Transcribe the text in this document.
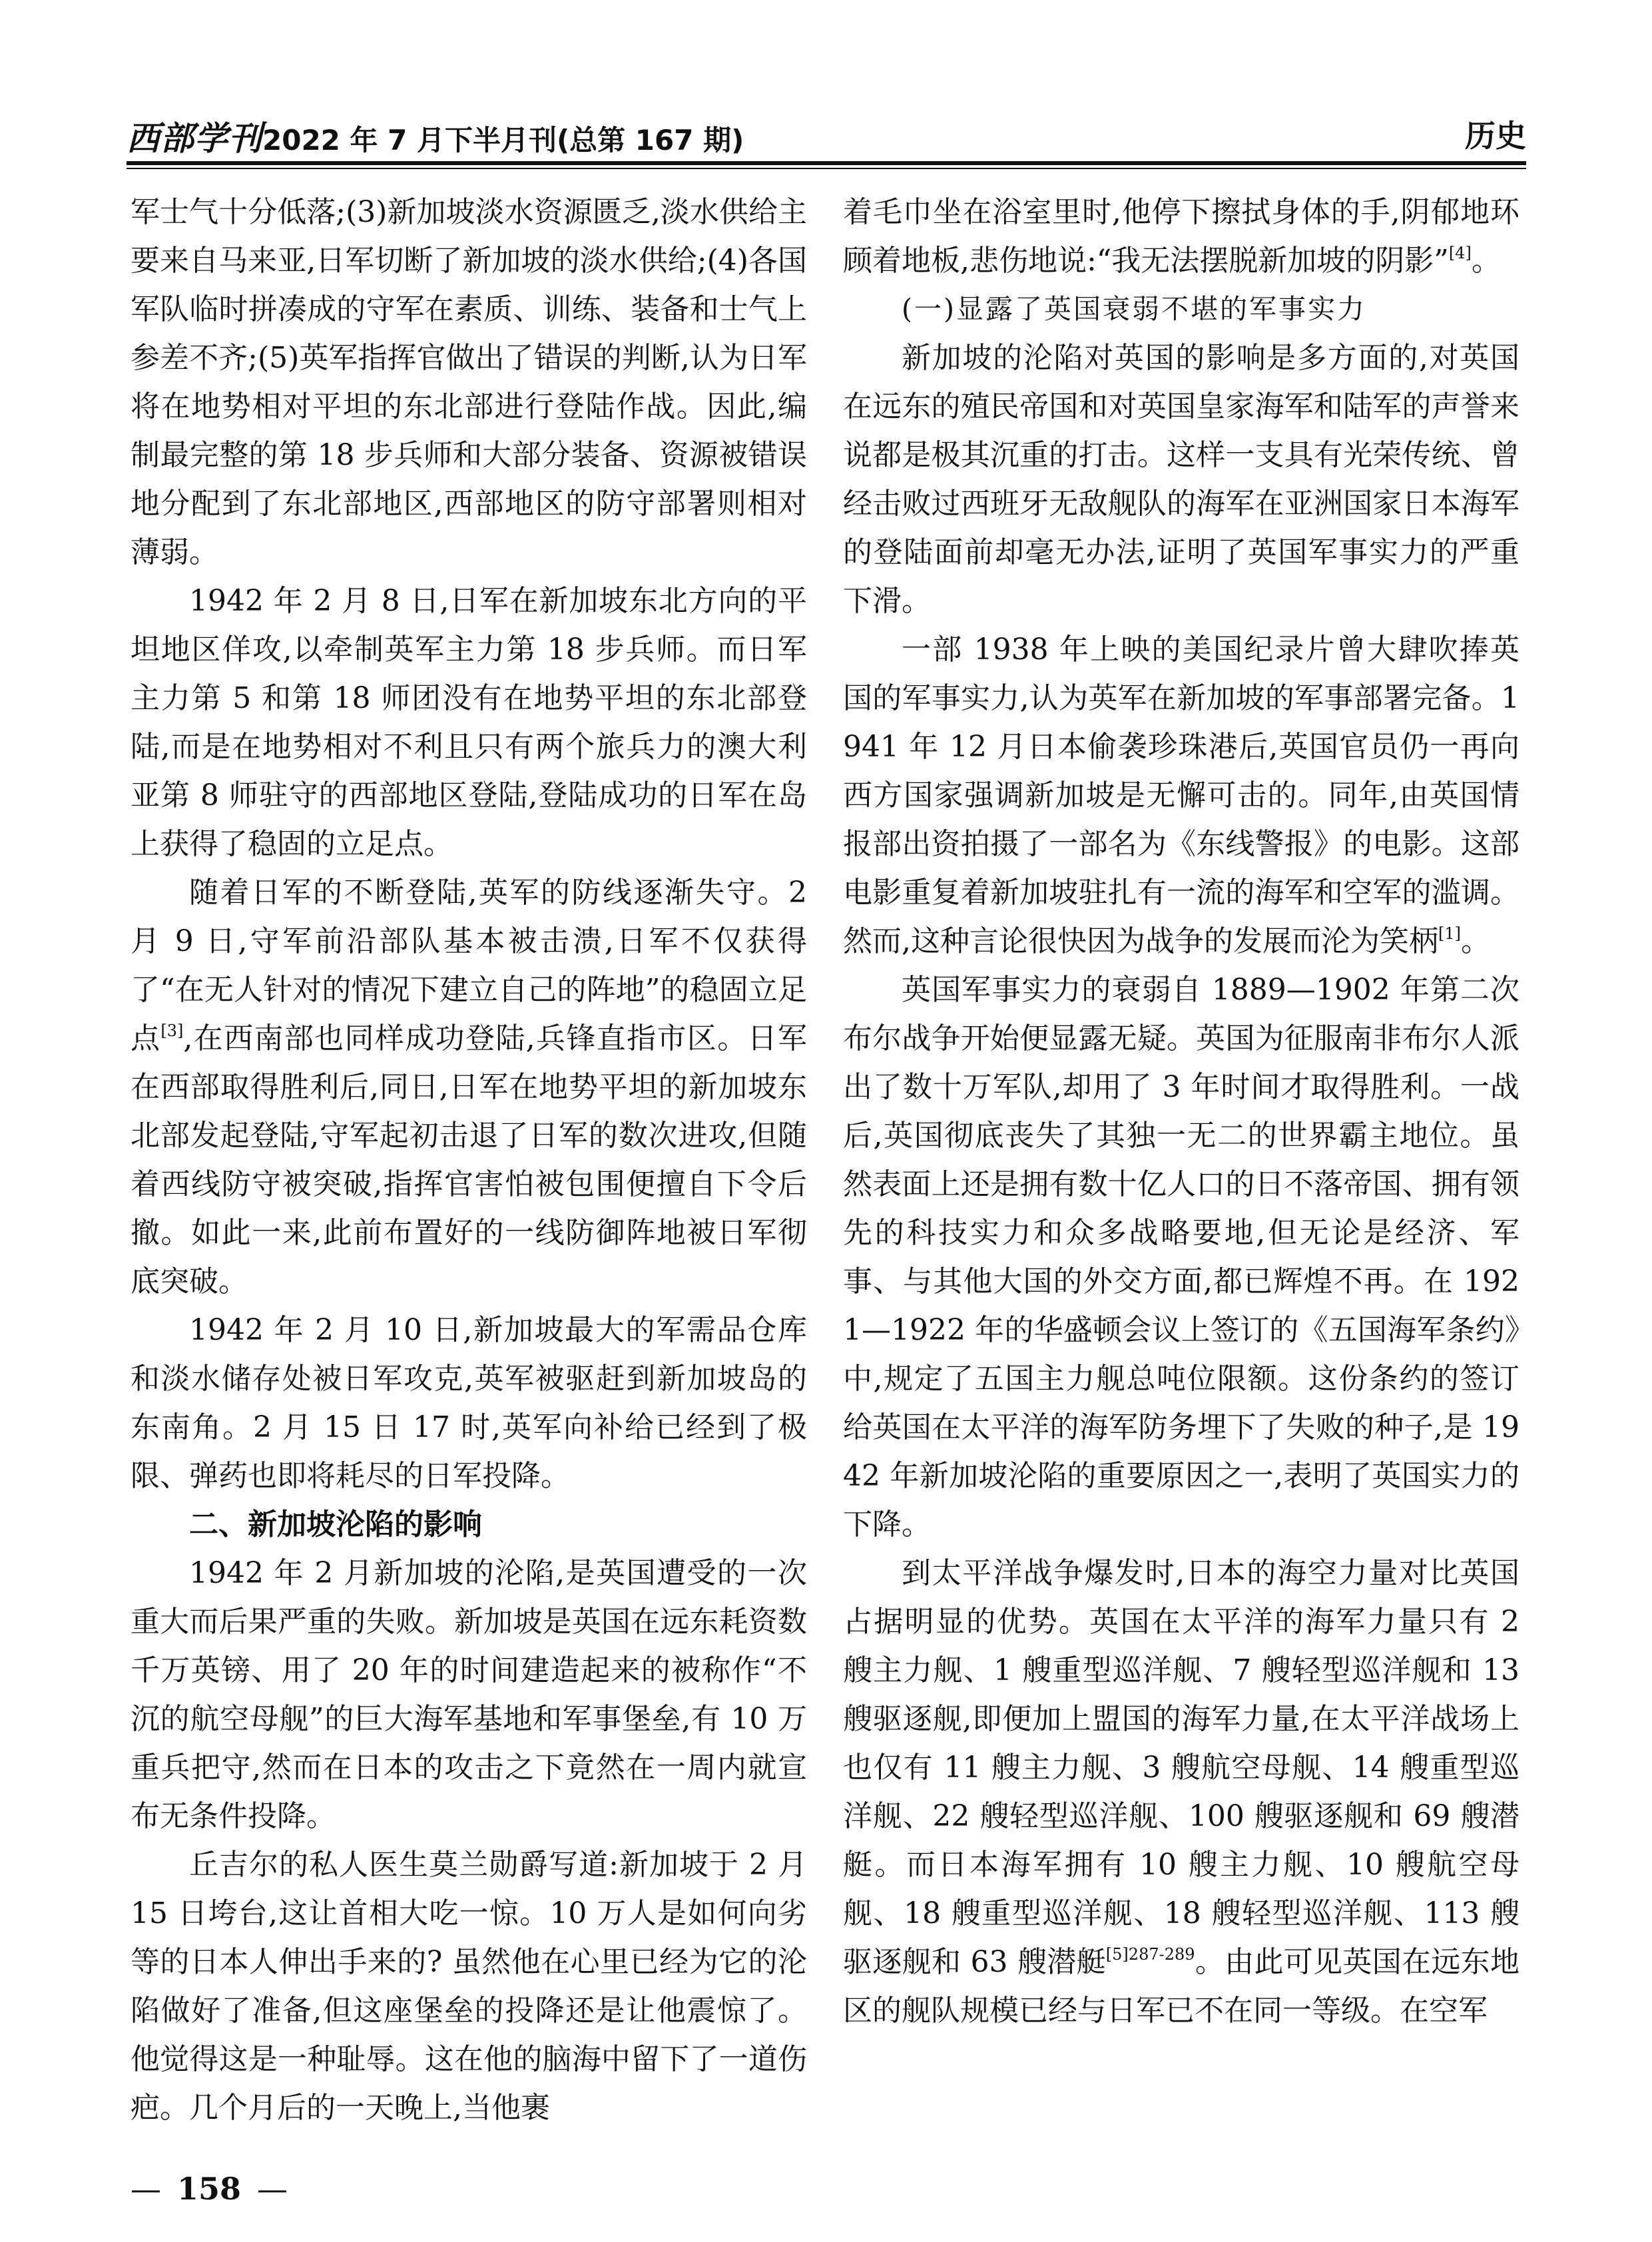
西部学刊2022 年 7 月下半月刊(总第 167 期)	历史

军士气十分低落;(3)新加坡淡水资源匮乏,淡水供给主要来自马来亚,日军切断了新加坡的淡水供给;(4)各国军队临时拼凑成的守军在素质、训练、装备和士气上参差不齐;(5)英军指挥官做出了错误的判断,认为日军将在地势相对平坦的东北部进行登陆作战。因此,编制最完整的第 18 步兵师和大部分装备、资源被错误地分配到了东北部地区,西部地区的防守部署则相对薄弱。

1942 年 2 月 8 日,日军在新加坡东北方向的平坦地区佯攻,以牵制英军主力第 18 步兵师。而日军主力第 5 和第 18 师团没有在地势平坦的东北部登陆,而是在地势相对不利且只有两个旅兵力的澳大利亚第 8 师驻守的西部地区登陆,登陆成功的日军在岛上获得了稳固的立足点。

随着日军的不断登陆,英军的防线逐渐失守。2 月 9 日,守军前沿部队基本被击溃,日军不仅获得了“在无人针对的情况下建立自己的阵地”的稳固立足点[3],在西南部也同样成功登陆,兵锋直指市区。日军在西部取得胜利后,同日,日军在地势平坦的新加坡东北部发起登陆,守军起初击退了日军的数次进攻,但随着西线防守被突破,指挥官害怕被包围便擅自下令后撤。如此一来,此前布置好的一线防御阵地被日军彻底突破。

1942 年 2 月 10 日,新加坡最大的军需品仓库和淡水储存处被日军攻克,英军被驱赶到新加坡岛的东南角。2 月 15 日 17 时,英军向补给已经到了极限、弹药也即将耗尽的日军投降。

二、新加坡沦陷的影响

1942 年 2 月新加坡的沦陷,是英国遭受的一次重大而后果严重的失败。新加坡是英国在远东耗资数千万英镑、用了 20 年的时间建造起来的被称作“不沉的航空母舰”的巨大海军基地和军事堡垒,有 10 万重兵把守,然而在日本的攻击之下竟然在一周内就宣布无条件投降。

丘吉尔的私人医生莫兰勋爵写道:新加坡于 2 月 15 日垮台,这让首相大吃一惊。10 万人是如何向劣等的日本人伸出手来的? 虽然他在心里已经为它的沦陷做好了准备,但这座堡垒的投降还是让他震惊了。他觉得这是一种耻辱。这在他的脑海中留下了一道伤疤。几个月后的一天晚上,当他裹

着毛巾坐在浴室里时,他停下擦拭身体的手,阴郁地环顾着地板,悲伤地说:“我无法摆脱新加坡的阴影”[4]。

(一)显露了英国衰弱不堪的军事实力

新加坡的沦陷对英国的影响是多方面的,对英国在远东的殖民帝国和对英国皇家海军和陆军的声誉来说都是极其沉重的打击。这样一支具有光荣传统、曾经击败过西班牙无敌舰队的海军在亚洲国家日本海军的登陆面前却毫无办法,证明了英国军事实力的严重下滑。

一部 1938 年上映的美国纪录片曾大肆吹捧英国的军事实力,认为英军在新加坡的军事部署完备。1941 年 12 月日本偷袭珍珠港后,英国官员仍一再向西方国家强调新加坡是无懈可击的。同年,由英国情报部出资拍摄了一部名为《东线警报》的电影。这部电影重复着新加坡驻扎有一流的海军和空军的滥调。然而,这种言论很快因为战争的发展而沦为笑柄[1]。

英国军事实力的衰弱自 1889—1902 年第二次布尔战争开始便显露无疑。英国为征服南非布尔人派出了数十万军队,却用了 3 年时间才取得胜利。一战后,英国彻底丧失了其独一无二的世界霸主地位。虽然表面上还是拥有数十亿人口的日不落帝国、拥有领先的科技实力和众多战略要地,但无论是经济、军事、与其他大国的外交方面,都已辉煌不再。在 1921—1922 年的华盛顿会议上签订的《五国海军条约》中,规定了五国主力舰总吨位限额。这份条约的签订给英国在太平洋的海军防务埋下了失败的种子,是 1942 年新加坡沦陷的重要原因之一,表明了英国实力的下降。

到太平洋战争爆发时,日本的海空力量对比英国占据明显的优势。英国在太平洋的海军力量只有 2 艘主力舰、1 艘重型巡洋舰、7 艘轻型巡洋舰和 13 艘驱逐舰,即便加上盟国的海军力量,在太平洋战场上也仅有 11 艘主力舰、3 艘航空母舰、14 艘重型巡洋舰、22 艘轻型巡洋舰、100 艘驱逐舰和 69 艘潜艇。而日本海军拥有 10 艘主力舰、10 艘航空母舰、18 艘重型巡洋舰、18 艘轻型巡洋舰、113 艘驱逐舰和 63 艘潜艇$^{[5]287-289}$。由此可见英国在远东地区的舰队规模已经与日军已不在同一等级。在空军

— 158 —
